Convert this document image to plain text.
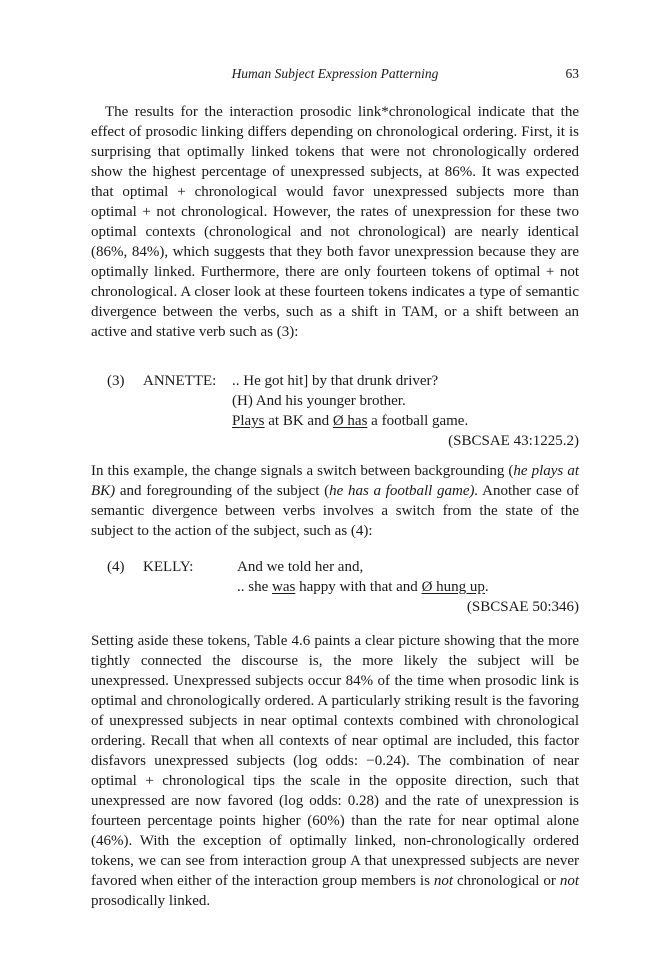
Human Subject Expression Patterning	63

The results for the interaction prosodic link*chronological indicate that the effect of prosodic linking differs depending on chronological ordering. First, it is surprising that optimally linked tokens that were not chronologically ordered show the highest percentage of unexpressed subjects, at 86%. It was expected that optimal + chronological would favor unexpressed subjects more than optimal + not chronological. However, the rates of unexpression for these two optimal contexts (chronological and not chronological) are nearly identical (86%, 84%), which suggests that they both favor unexpression because they are optimally linked. Furthermore, there are only fourteen tokens of optimal + not chronological. A closer look at these fourteen tokens indicates a type of semantic divergence between the verbs, such as a shift in TAM, or a shift between an active and stative verb such as (3):

(3) ANNETTE: .. He got hit] by that drunk driver?
(H) And his younger brother.
Plays at BK and Ø has a football game.
(SBCSAE 43:1225.2)

In this example, the change signals a switch between backgrounding (he plays at BK) and foregrounding of the subject (he has a football game). Another case of semantic divergence between verbs involves a switch from the state of the subject to the action of the subject, such as (4):

(4) KELLY:	And we told her and,
.. she was happy with that and Ø hung up.
(SBCSAE 50:346)

Setting aside these tokens, Table 4.6 paints a clear picture showing that the more tightly connected the discourse is, the more likely the subject will be unexpressed. Unexpressed subjects occur 84% of the time when prosodic link is optimal and chronologically ordered. A particularly striking result is the favoring of unexpressed subjects in near optimal contexts combined with chronological ordering. Recall that when all contexts of near optimal are included, this factor disfavors unexpressed subjects (log odds: −0.24). The combination of near optimal + chronological tips the scale in the opposite direction, such that unexpressed are now favored (log odds: 0.28) and the rate of unexpression is fourteen percentage points higher (60%) than the rate for near optimal alone (46%). With the exception of optimally linked, non-chronologically ordered tokens, we can see from interaction group A that unexpressed subjects are never favored when either of the interaction group members is not chronological or not prosodically linked.
